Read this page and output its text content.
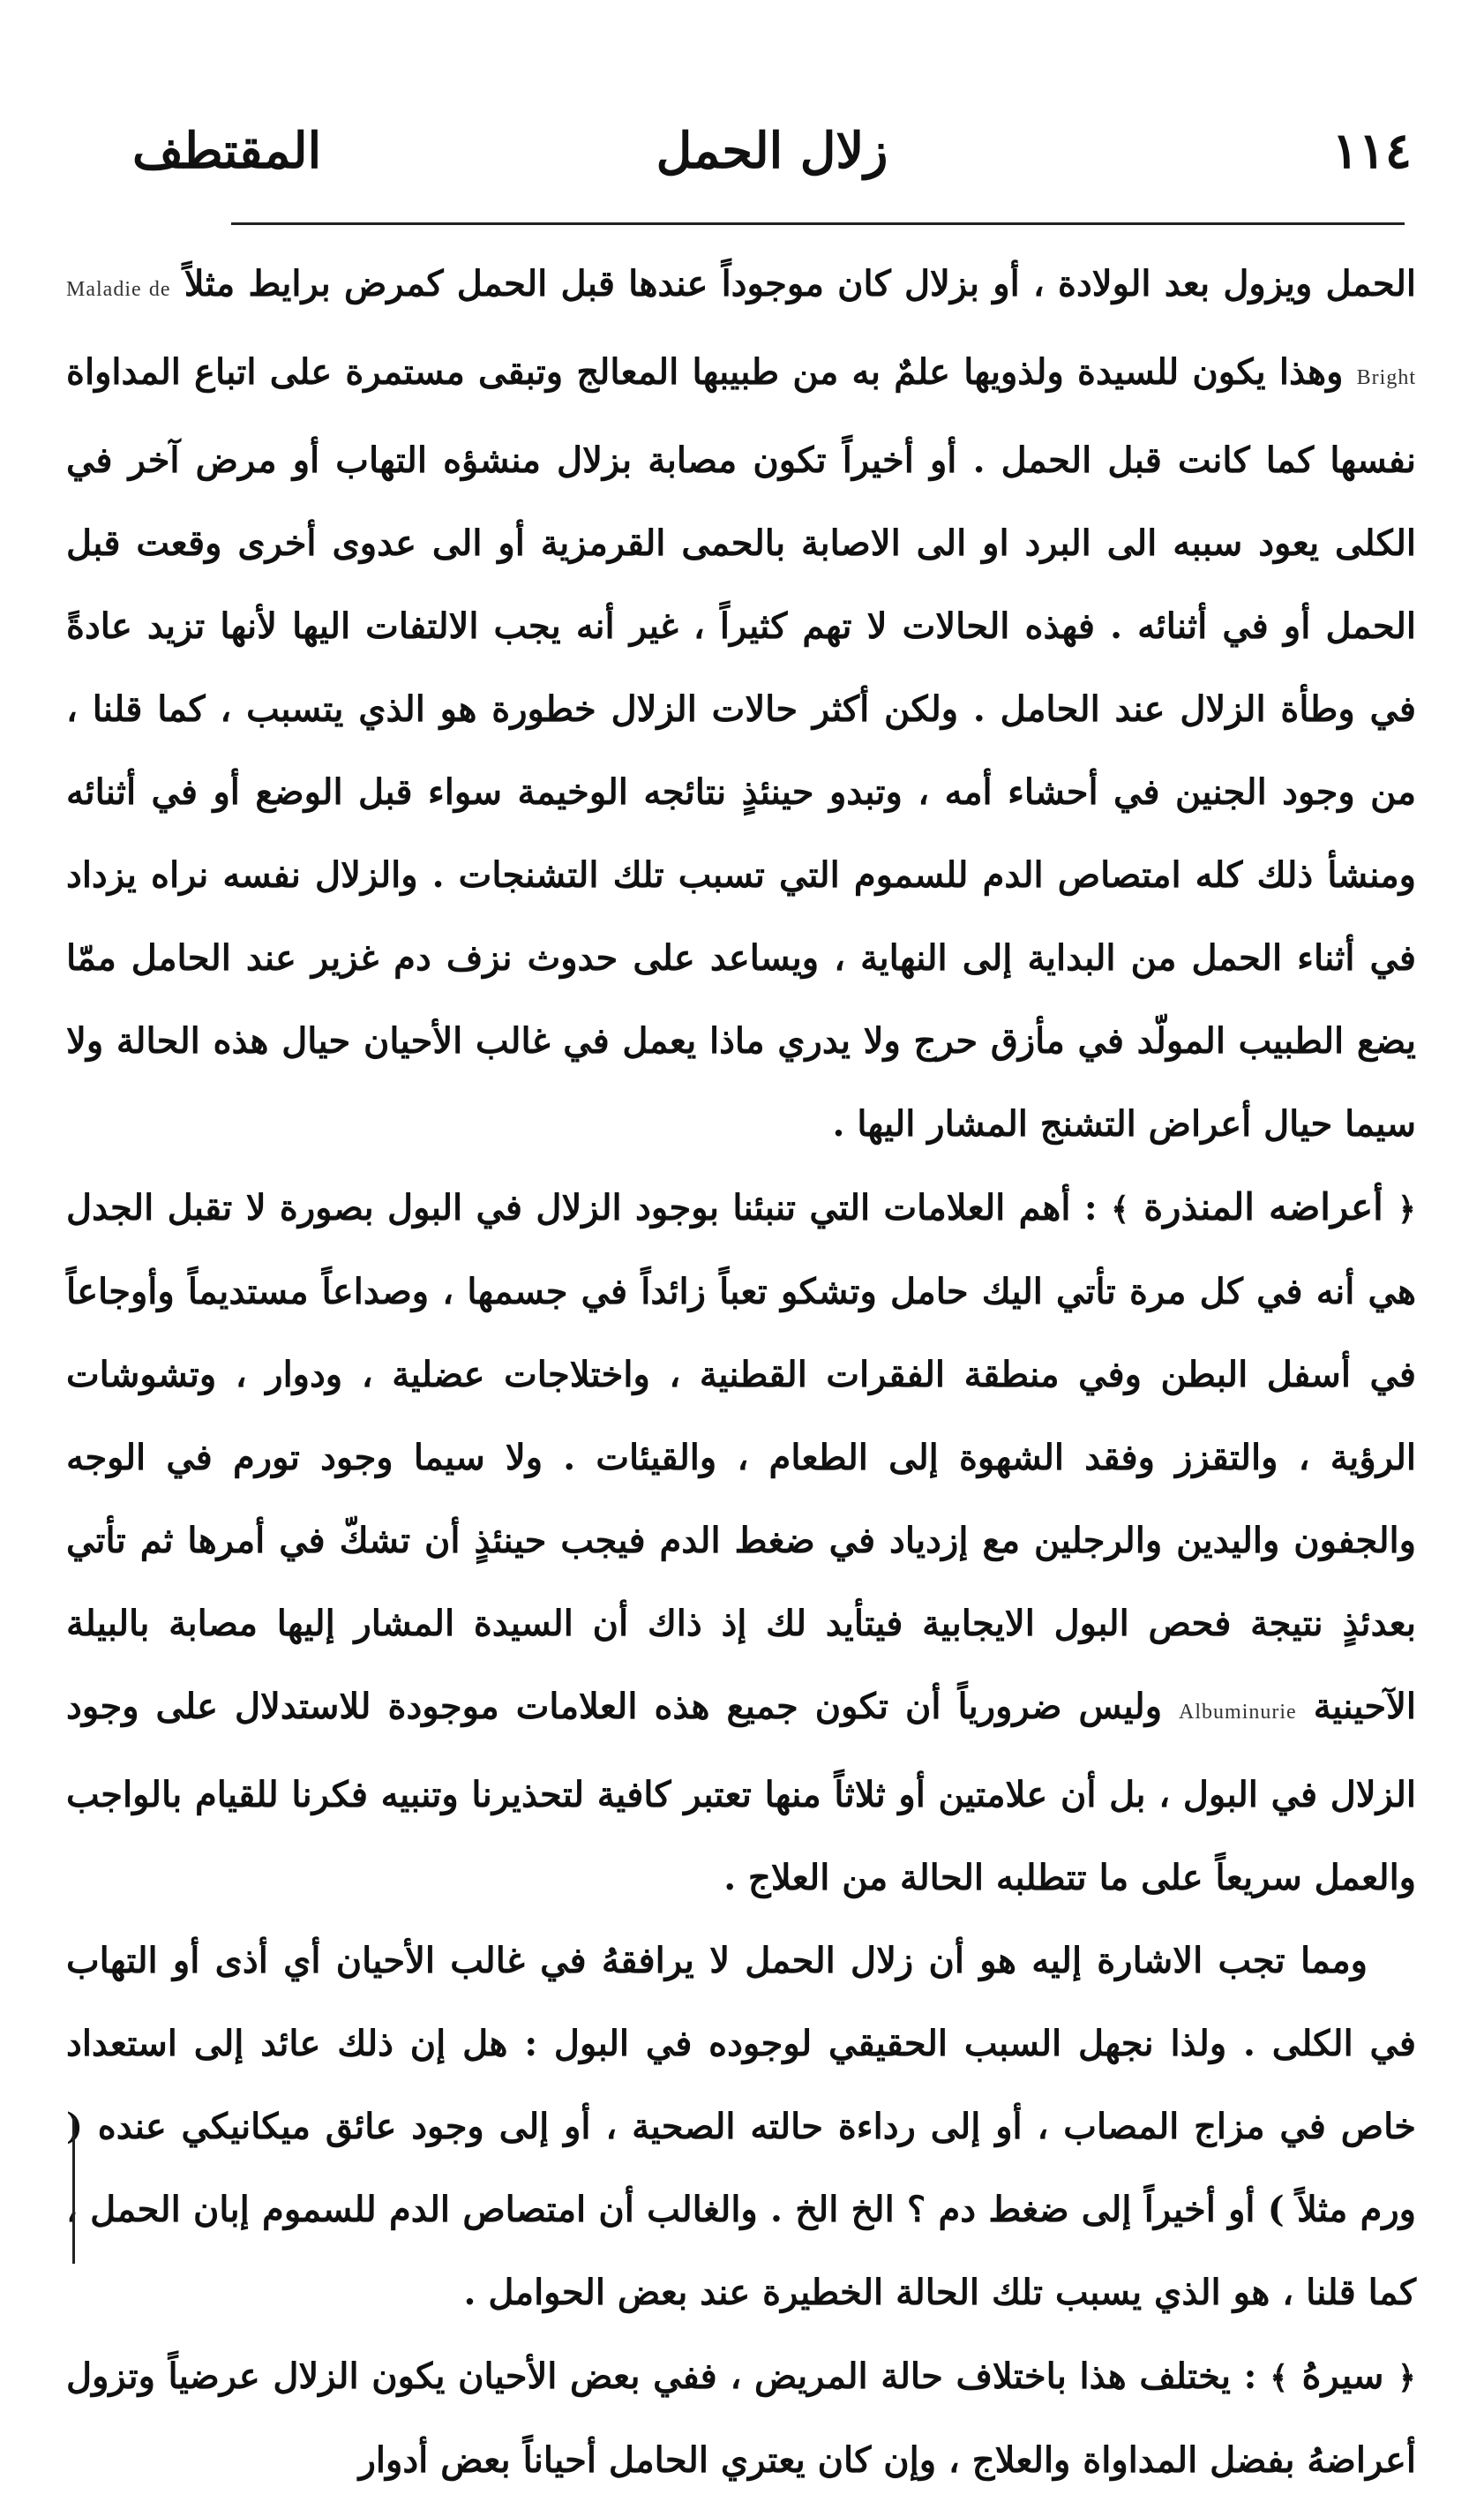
١١٤
زلال الحمل
المقتطف

الحمل ويزول بعد الولادة ، أو بزلال كان موجوداً عندها قبل الحمل كمرض برايط مثلاً Maladie de Bright وهذا يكون للسيدة ولذويها علمٌ به من طبيبها المعالج وتبقى مستمرة على اتباع المداواة نفسها كما كانت قبل الحمل . أو أخيراً تكون مصابة بزلال منشؤه التهاب أو مرض آخر في الكلى يعود سببه الى البرد او الى الاصابة بالحمى القرمزية أو الى عدوى أخرى وقعت قبل الحمل أو في أثنائه . فهذه الحالات لا تهم كثيراً ، غير أنه يجب الالتفات اليها لأنها تزيد عادةً في وطأة الزلال عند الحامل . ولكن أكثر حالات الزلال خطورة هو الذي يتسبب ، كما قلنا ، من وجود الجنين في أحشاء أمه ، وتبدو حينئذٍ نتائجه الوخيمة سواء قبل الوضع أو في أثنائه ومنشأ ذلك كله امتصاص الدم للسموم التي تسبب تلك التشنجات . والزلال نفسه نراه يزداد في أثناء الحمل من البداية إلى النهاية ، ويساعد على حدوث نزف دم غزير عند الحامل ممّا يضع الطبيب المولّد في مأزق حرج ولا يدري ماذا يعمل في غالب الأحيان حيال هذه الحالة ولا سيما حيال أعراض التشنج المشار اليها .

﴿ أعراضه المنذرة ﴾ : أهم العلامات التي تنبئنا بوجود الزلال في البول بصورة لا تقبل الجدل هي أنه في كل مرة تأتي اليك حامل وتشكو تعباً زائداً في جسمها ، وصداعاً مستديماً وأوجاعاً في أسفل البطن وفي منطقة الفقرات القطنية ، واختلاجات عضلية ، ودوار ، وتشوشات الرؤية ، والتقزز وفقد الشهوة إلى الطعام ، والقيئات . ولا سيما وجود تورم في الوجه والجفون واليدين والرجلين مع إزدياد في ضغط الدم فيجب حينئذٍ أن تشكّ في أمرها ثم تأتي بعدئذٍ نتيجة فحص البول الايجابية فيتأيد لك إذ ذاك أن السيدة المشار إليها مصابة بالبيلة الآحينية Albuminurie وليس ضرورياً أن تكون جميع هذه العلامات موجودة للاستدلال على وجود الزلال في البول ، بل أن علامتين أو ثلاثاً منها تعتبر كافية لتحذيرنا وتنبيه فكرنا للقيام بالواجب والعمل سريعاً على ما تتطلبه الحالة من العلاج .

ومما تجب الاشارة إليه هو أن زلال الحمل لا يرافقهُ في غالب الأحيان أي أذى أو التهاب في الكلى . ولذا نجهل السبب الحقيقي لوجوده في البول : هل إن ذلك عائد إلى استعداد خاص في مزاج المصاب ، أو إلى رداءة حالته الصحية ، أو إلى وجود عائق ميكانيكي عنده ( ورم مثلاً ) أو أخيراً إلى ضغط دم ؟ الخ الخ . والغالب أن امتصاص الدم للسموم إبان الحمل ، كما قلنا ، هو الذي يسبب تلك الحالة الخطيرة عند بعض الحوامل .

﴿ سيرهُ ﴾ : يختلف هذا باختلاف حالة المريض ، ففي بعض الأحيان يكون الزلال عرضياً وتزول أعراضهُ بفضل المداواة والعلاج ، وإن كان يعتري الحامل أحياناً بعض أدوار
